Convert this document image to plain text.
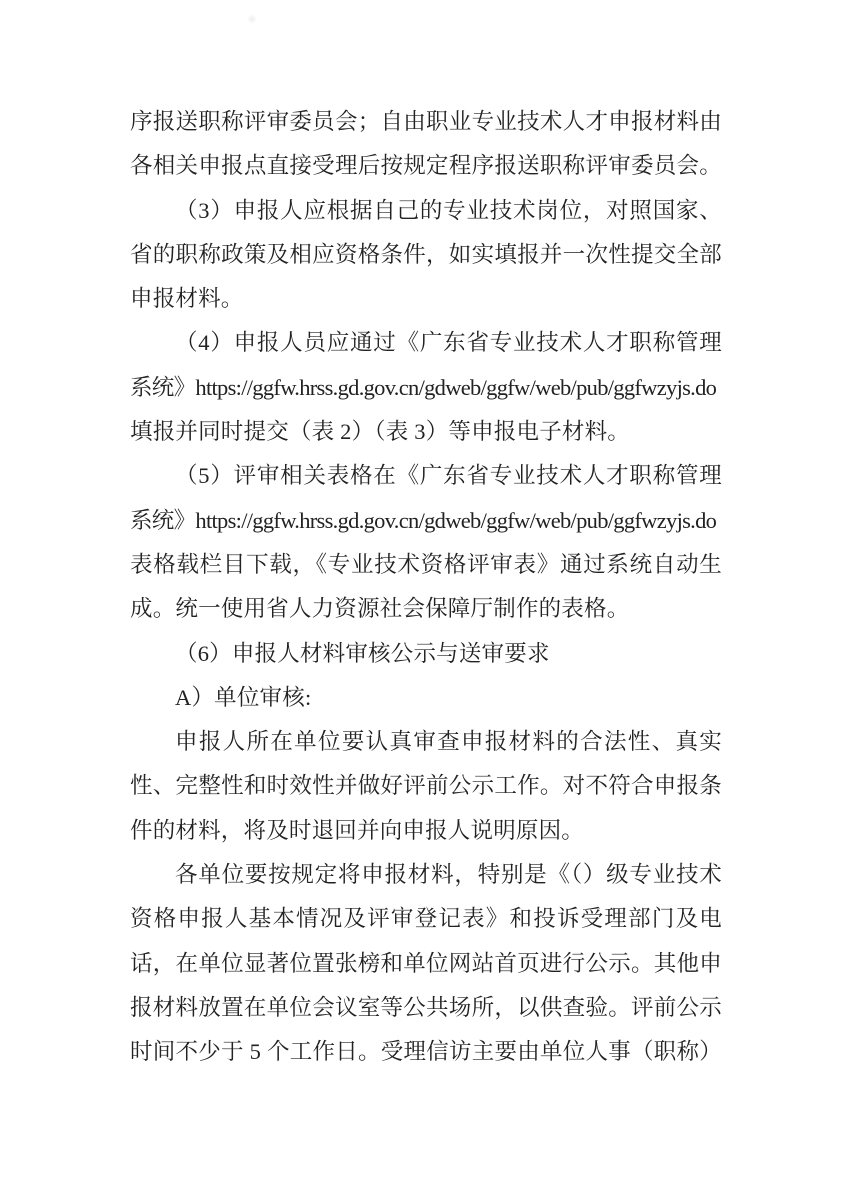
序报送职称评审委员会；自由职业专业技术人才申报材料由
各相关申报点直接受理后按规定程序报送职称评审委员会。
（3）申报人应根据自己的专业技术岗位，对照国家、
省的职称政策及相应资格条件，如实填报并一次性提交全部
申报材料。
（4）申报人员应通过《广东省专业技术人才职称管理
系统》https://ggfw.hrss.gd.gov.cn/gdweb/ggfw/web/pub/ggfwzyjs.do
填报并同时提交（表 2）（表 3）等申报电子材料。
（5）评审相关表格在《广东省专业技术人才职称管理
系统》https://ggfw.hrss.gd.gov.cn/gdweb/ggfw/web/pub/ggfwzyjs.do
表格载栏目下载，《专业技术资格评审表》通过系统自动生
成。统一使用省人力资源社会保障厅制作的表格。
（6）申报人材料审核公示与送审要求
A）单位审核:
申报人所在单位要认真审查申报材料的合法性、真实
性、完整性和时效性并做好评前公示工作。对不符合申报条
件的材料，将及时退回并向申报人说明原因。
各单位要按规定将申报材料，特别是《（）级专业技术
资格申报人基本情况及评审登记表》和投诉受理部门及电
话，在单位显著位置张榜和单位网站首页进行公示。其他申
报材料放置在单位会议室等公共场所，以供查验。评前公示
时间不少于 5 个工作日。受理信访主要由单位人事（职称）
